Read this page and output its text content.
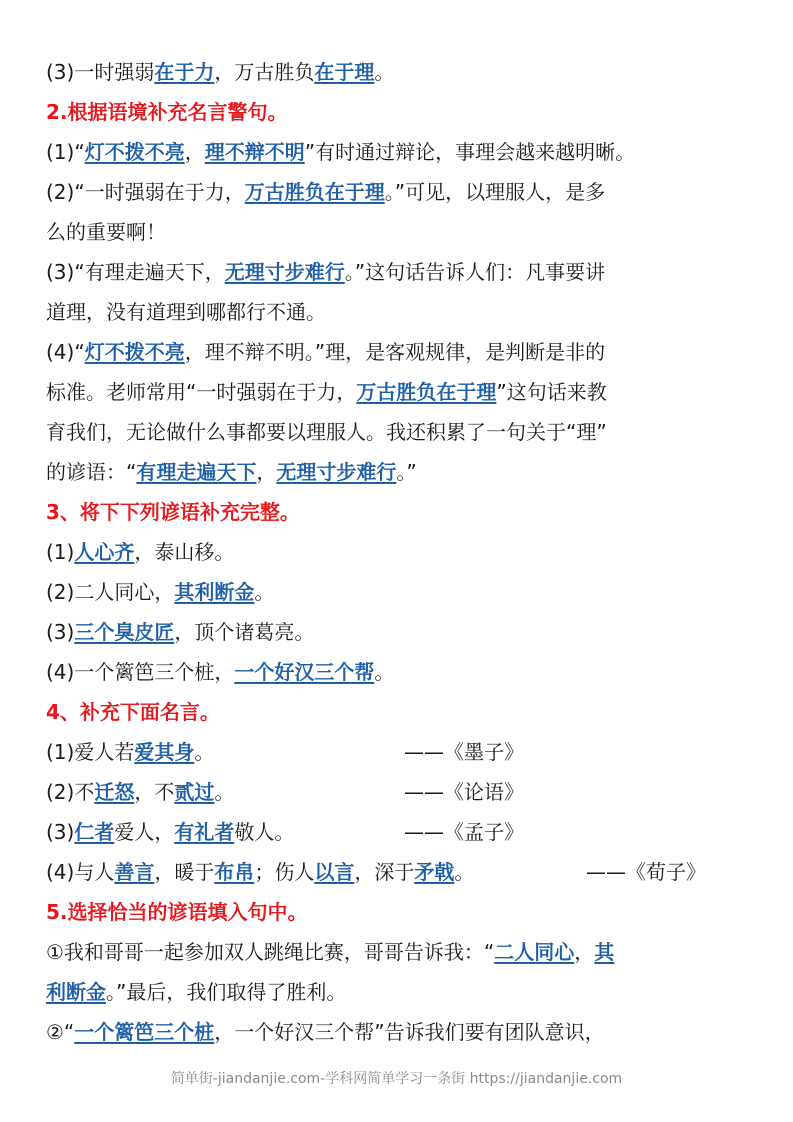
(3)一时强弱在于力，万古胜负在于理。
2.根据语境补充名言警句。
(1)“灯不拨不亮，理不辩不明”有时通过辩论，事理会越来越明晰。
(2)“一时强弱在于力，万古胜负在于理。”可见，以理服人，是多
么的重要啊！
(3)“有理走遍天下，无理寸步难行。”这句话告诉人们：凡事要讲
道理，没有道理到哪都行不通。
(4)“灯不拨不亮，理不辩不明。”理，是客观规律，是判断是非的
标准。老师常用“一时强弱在于力，万古胜负在于理”这句话来教
育我们，无论做什么事都要以理服人。我还积累了一句关于“理”
的谚语：“有理走遍天下，无理寸步难行。”
3、将下下列谚语补充完整。
(1)人心齐，泰山移。
(2)二人同心，其利断金。
(3)三个臭皮匠，顶个诸葛亮。
(4)一个篱笆三个桩，一个好汉三个帮。
4、补充下面名言。
(1)爱人若爱其身。	——《墨子》
(2)不迁怒，不贰过。	——《论语》
(3)仁者爱人，有礼者敬人。	——《孟子》
(4)与人善言，暖于布帛；伤人以言，深于矛戟。	——《荀子》
5.选择恰当的谚语填入句中。
①我和哥哥一起参加双人跳绳比赛，哥哥告诉我：“二人同心，其
利断金。”最后，我们取得了胜利。
②“一个篱笆三个桩，一个好汉三个帮”告诉我们要有团队意识，
简单街-jiandanjie.com-学科网简单学习一条街 https://jiandanjie.com
